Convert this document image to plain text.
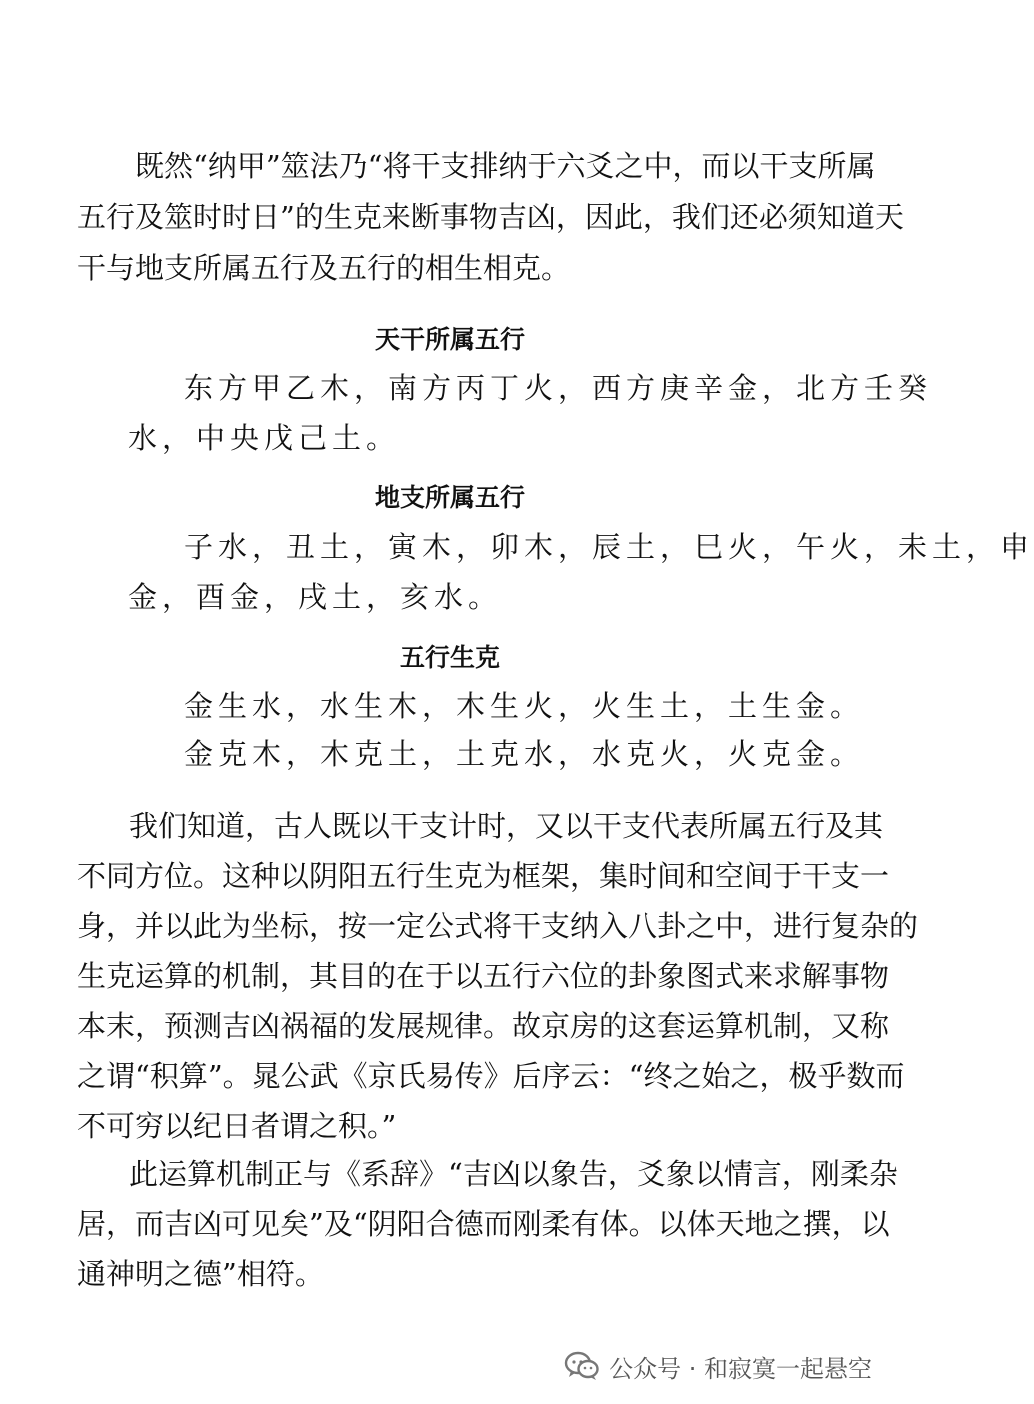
既然“纳甲”筮法乃“将干支排纳于六爻之中，而以干支所属
五行及筮时时日”的生克来断事物吉凶，因此，我们还必须知道天
干与地支所属五行及五行的相生相克。
天干所属五行
东方甲乙木，南方丙丁火，西方庚辛金，北方壬癸
水，中央戊己土。
地支所属五行
子水，丑土，寅木，卯木，辰土，巳火，午火，未土，申
金，酉金，戌土，亥水。
五行生克
金生水，水生木，木生火，火生土，土生金。
金克木，木克土，土克水，水克火，火克金。
我们知道，古人既以干支计时，又以干支代表所属五行及其
不同方位。这种以阴阳五行生克为框架，集时间和空间于干支一
身，并以此为坐标，按一定公式将干支纳入八卦之中，进行复杂的
生克运算的机制，其目的在于以五行六位的卦象图式来求解事物
本末，预测吉凶祸福的发展规律。故京房的这套运算机制，又称
之谓“积算”。晁公武《京氏易传》后序云：“终之始之，极乎数而
不可穷以纪日者谓之积。”
此运算机制正与《系辞》“吉凶以象告，爻象以情言，刚柔杂
居，而吉凶可见矣”及“阴阳合德而刚柔有体。以体天地之撰，以
通神明之德”相符。
公众号 · 和寂寞一起悬空
